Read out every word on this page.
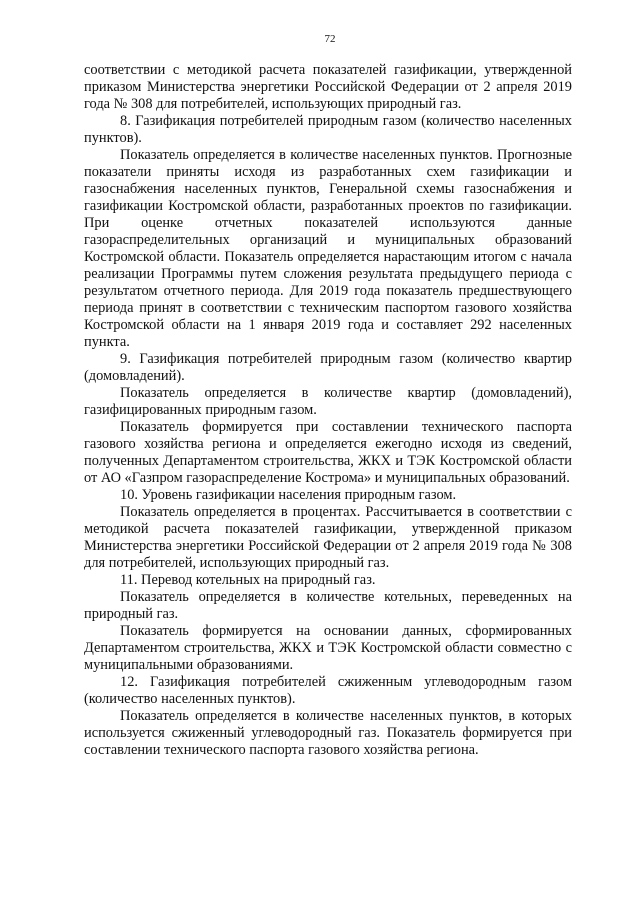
72

соответствии с методикой расчета показателей газификации, утвержденной приказом Министерства энергетики Российской Федерации от 2 апреля 2019 года № 308 для потребителей, использующих природный газ.

8. Газификация потребителей природным газом (количество населенных пунктов).

Показатель определяется в количестве населенных пунктов. Прогнозные показатели приняты исходя из разработанных схем газификации и газоснабжения населенных пунктов, Генеральной схемы газоснабжения и газификации Костромской области, разработанных проектов по газификации. При оценке отчетных показателей используются данные газораспределительных организаций и муниципальных образований Костромской области. Показатель определяется нарастающим итогом с начала реализации Программы путем сложения результата предыдущего периода с результатом отчетного периода. Для 2019 года показатель предшествующего периода принят в соответствии с техническим паспортом газового хозяйства Костромской области на 1 января 2019 года и составляет 292 населенных пункта.

9. Газификация потребителей природным газом (количество квартир (домовладений).

Показатель определяется в количестве квартир (домовладений), газифицированных природным газом.

Показатель формируется при составлении технического паспорта газового хозяйства региона и определяется ежегодно исходя из сведений, полученных Департаментом строительства, ЖКХ и ТЭК Костромской области от АО «Газпром газораспределение Кострома» и муниципальных образований.

10. Уровень газификации населения природным газом.

Показатель определяется в процентах. Рассчитывается в соответствии с методикой расчета показателей газификации, утвержденной приказом Министерства энергетики Российской Федерации от 2 апреля 2019 года № 308 для потребителей, использующих природный газ.

11. Перевод котельных на природный газ.

Показатель определяется в количестве котельных, переведенных на природный газ.

Показатель формируется на основании данных, сформированных Департаментом строительства, ЖКХ и ТЭК Костромской области совместно с муниципальными образованиями.

12. Газификация потребителей сжиженным углеводородным газом (количество населенных пунктов).

Показатель определяется в количестве населенных пунктов, в которых используется сжиженный углеводородный газ. Показатель формируется при составлении технического паспорта газового хозяйства региона.
